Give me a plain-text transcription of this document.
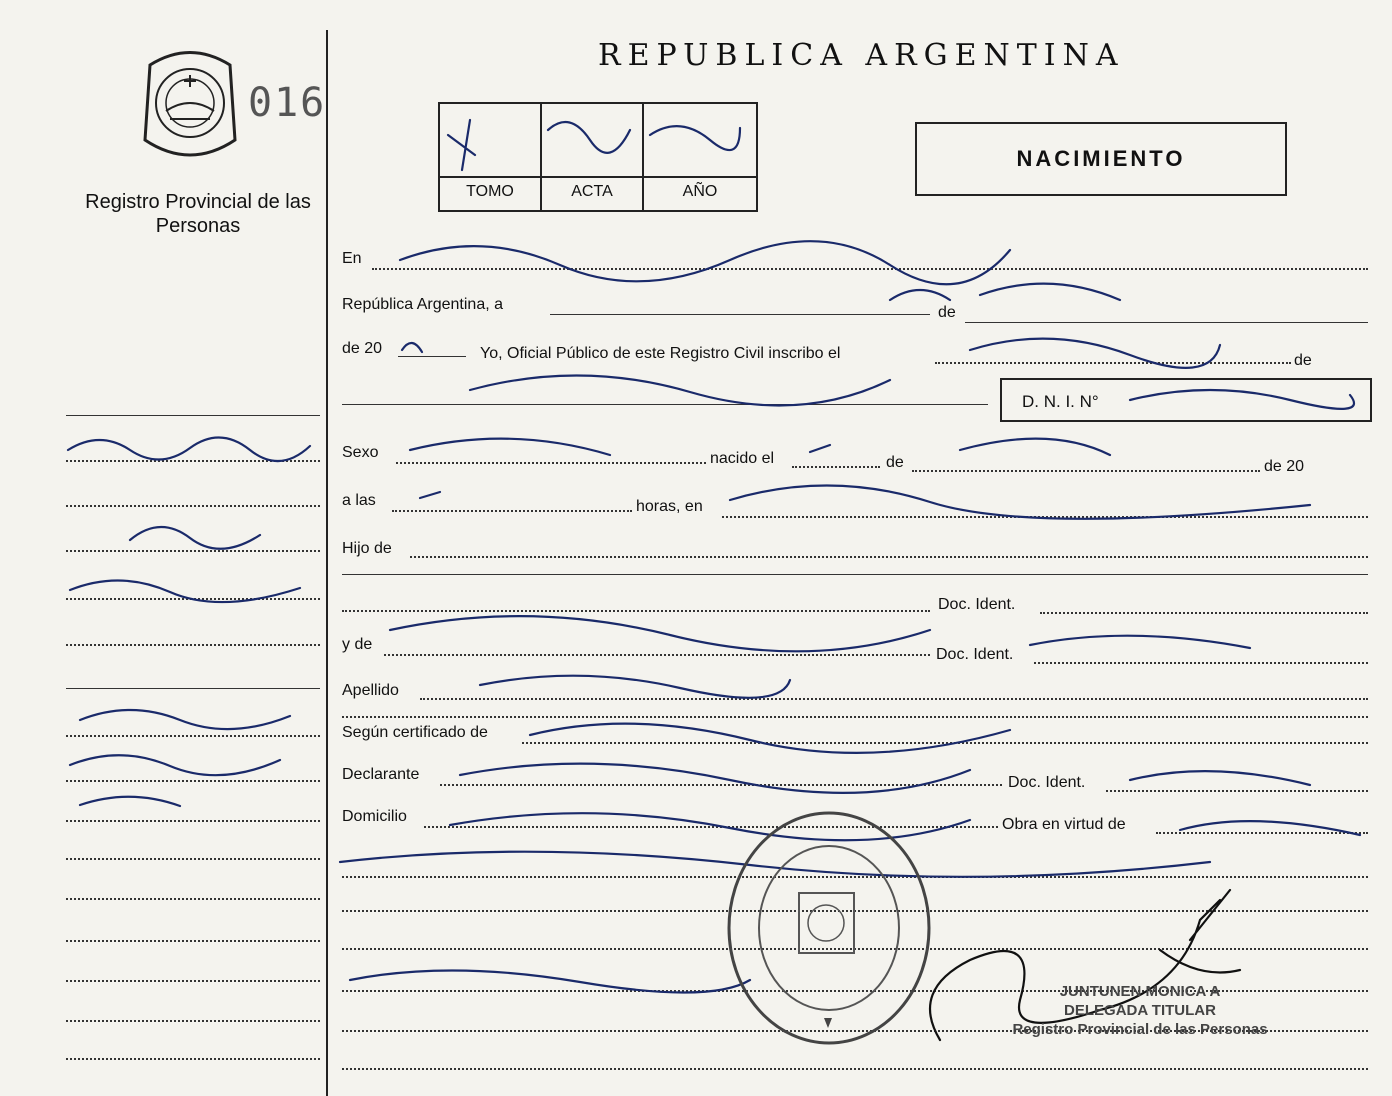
016
Registro Provincial de las Personas
REPUBLICA ARGENTINA
TOMO	ACTA	AÑO
NACIMIENTO
En
República Argentina, a	de
de 20	Yo, Oficial Público de este Registro Civil inscribo el	de
D. N. I. N°
Sexo	nacido el	de	de 20
a las	horas, en
Hijo de
Doc. Ident.
y de
Doc. Ident.
Apellido
Según certificado de
Declarante	Doc. Ident.
Domicilio	Obra en virtud de
JUNTUNEN MONICA A
DELEGADA TITULAR
Registro Provincial de las Personas
